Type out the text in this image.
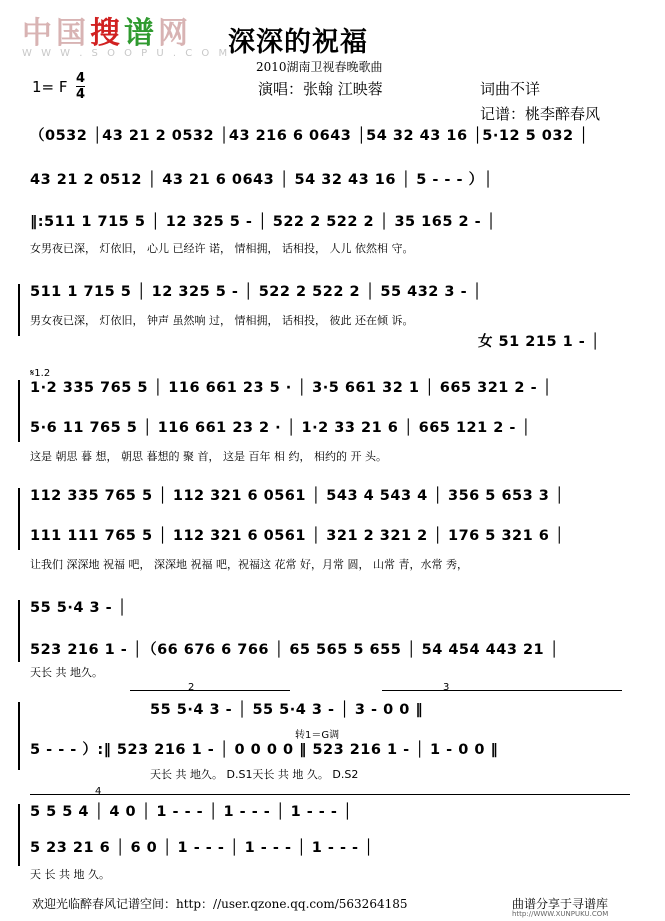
中国搜谱网
W W W . S O O P U . C O M
深深的祝福
2010湖南卫视春晚歌曲
1= F 4
4	演唱：张翰 江映蓉	词曲不详
记谱：桃李醉春风
（0532 │43 21 2 0532 │43 216 6 0643 │54 32 43 16 │5·12 5 032 │
43 21 2 0512 │ 43 21 6 0643 │ 54 32 43 16 │ 5 - - - ）│
‖:511 1 715 5 │ 12 325 5 - │ 522 2 522 2 │ 35 165 2 - │
女男夜已深， 灯依旧， 心儿 已经许 诺， 情相拥， 话相投， 人儿 依然相 守。
511 1 715 5 │ 12 325 5 - │ 522 2 522 2 │ 55 432 3 - │
男女夜已深， 灯依旧， 钟声 虽然响 过， 情相拥， 话相投， 彼此 还在倾 诉。
女 51 215 1 - │
𝄋1.2
1·2 335 765 5 │ 116 661 23 5 · │ 3·5 661 32 1 │ 665 321 2 - │
5·6 11 765 5 │ 116 661 23 2 · │ 1·2 33 21 6 │ 665 121 2 - │
这是 朝思 暮 想， 朝思 暮想的 聚 首， 这是 百年 相 约， 相约的 开 头。
112 335 765 5 │ 112 321 6 0561 │ 543 4 543 4 │ 356 5 653 3 │
111 111 765 5 │ 112 321 6 0561 │ 321 2 321 2 │ 176 5 321 6 │
让我们 深深地 祝福 吧， 深深地 祝福 吧，祝福这 花常 好，月常 圆， 山常 青，水常 秀，
55 5·4 3 - │
523 216 1 - │（66 676 6 766 │ 65 565 5 655 │ 54 454 443 21 │
天长 共 地久。
2	3
转1＝G调
55 5·4 3 - │ 55 5·4 3 - │ 3 - 0 0 ‖
5 - - - ）:‖ 523 216 1 - │ 0 0 0 0 ‖ 523 216 1 - │ 1 - 0 0 ‖
天长 共 地久。 D.S1天长 共 地 久。 D.S2
4
5 5 5 4 │ 4 0 │ 1 - - - │ 1 - - - │ 1 - - - │
5 23 21 6 │ 6 0 │ 1 - - - │ 1 - - - │ 1 - - - │
天 长 共 地 久。
欢迎光临醉春风记谱空间：http：//user.qzone.qq.com/563264185	曲谱分享于寻谱库
http://WWW.XUNPUKU.COM
